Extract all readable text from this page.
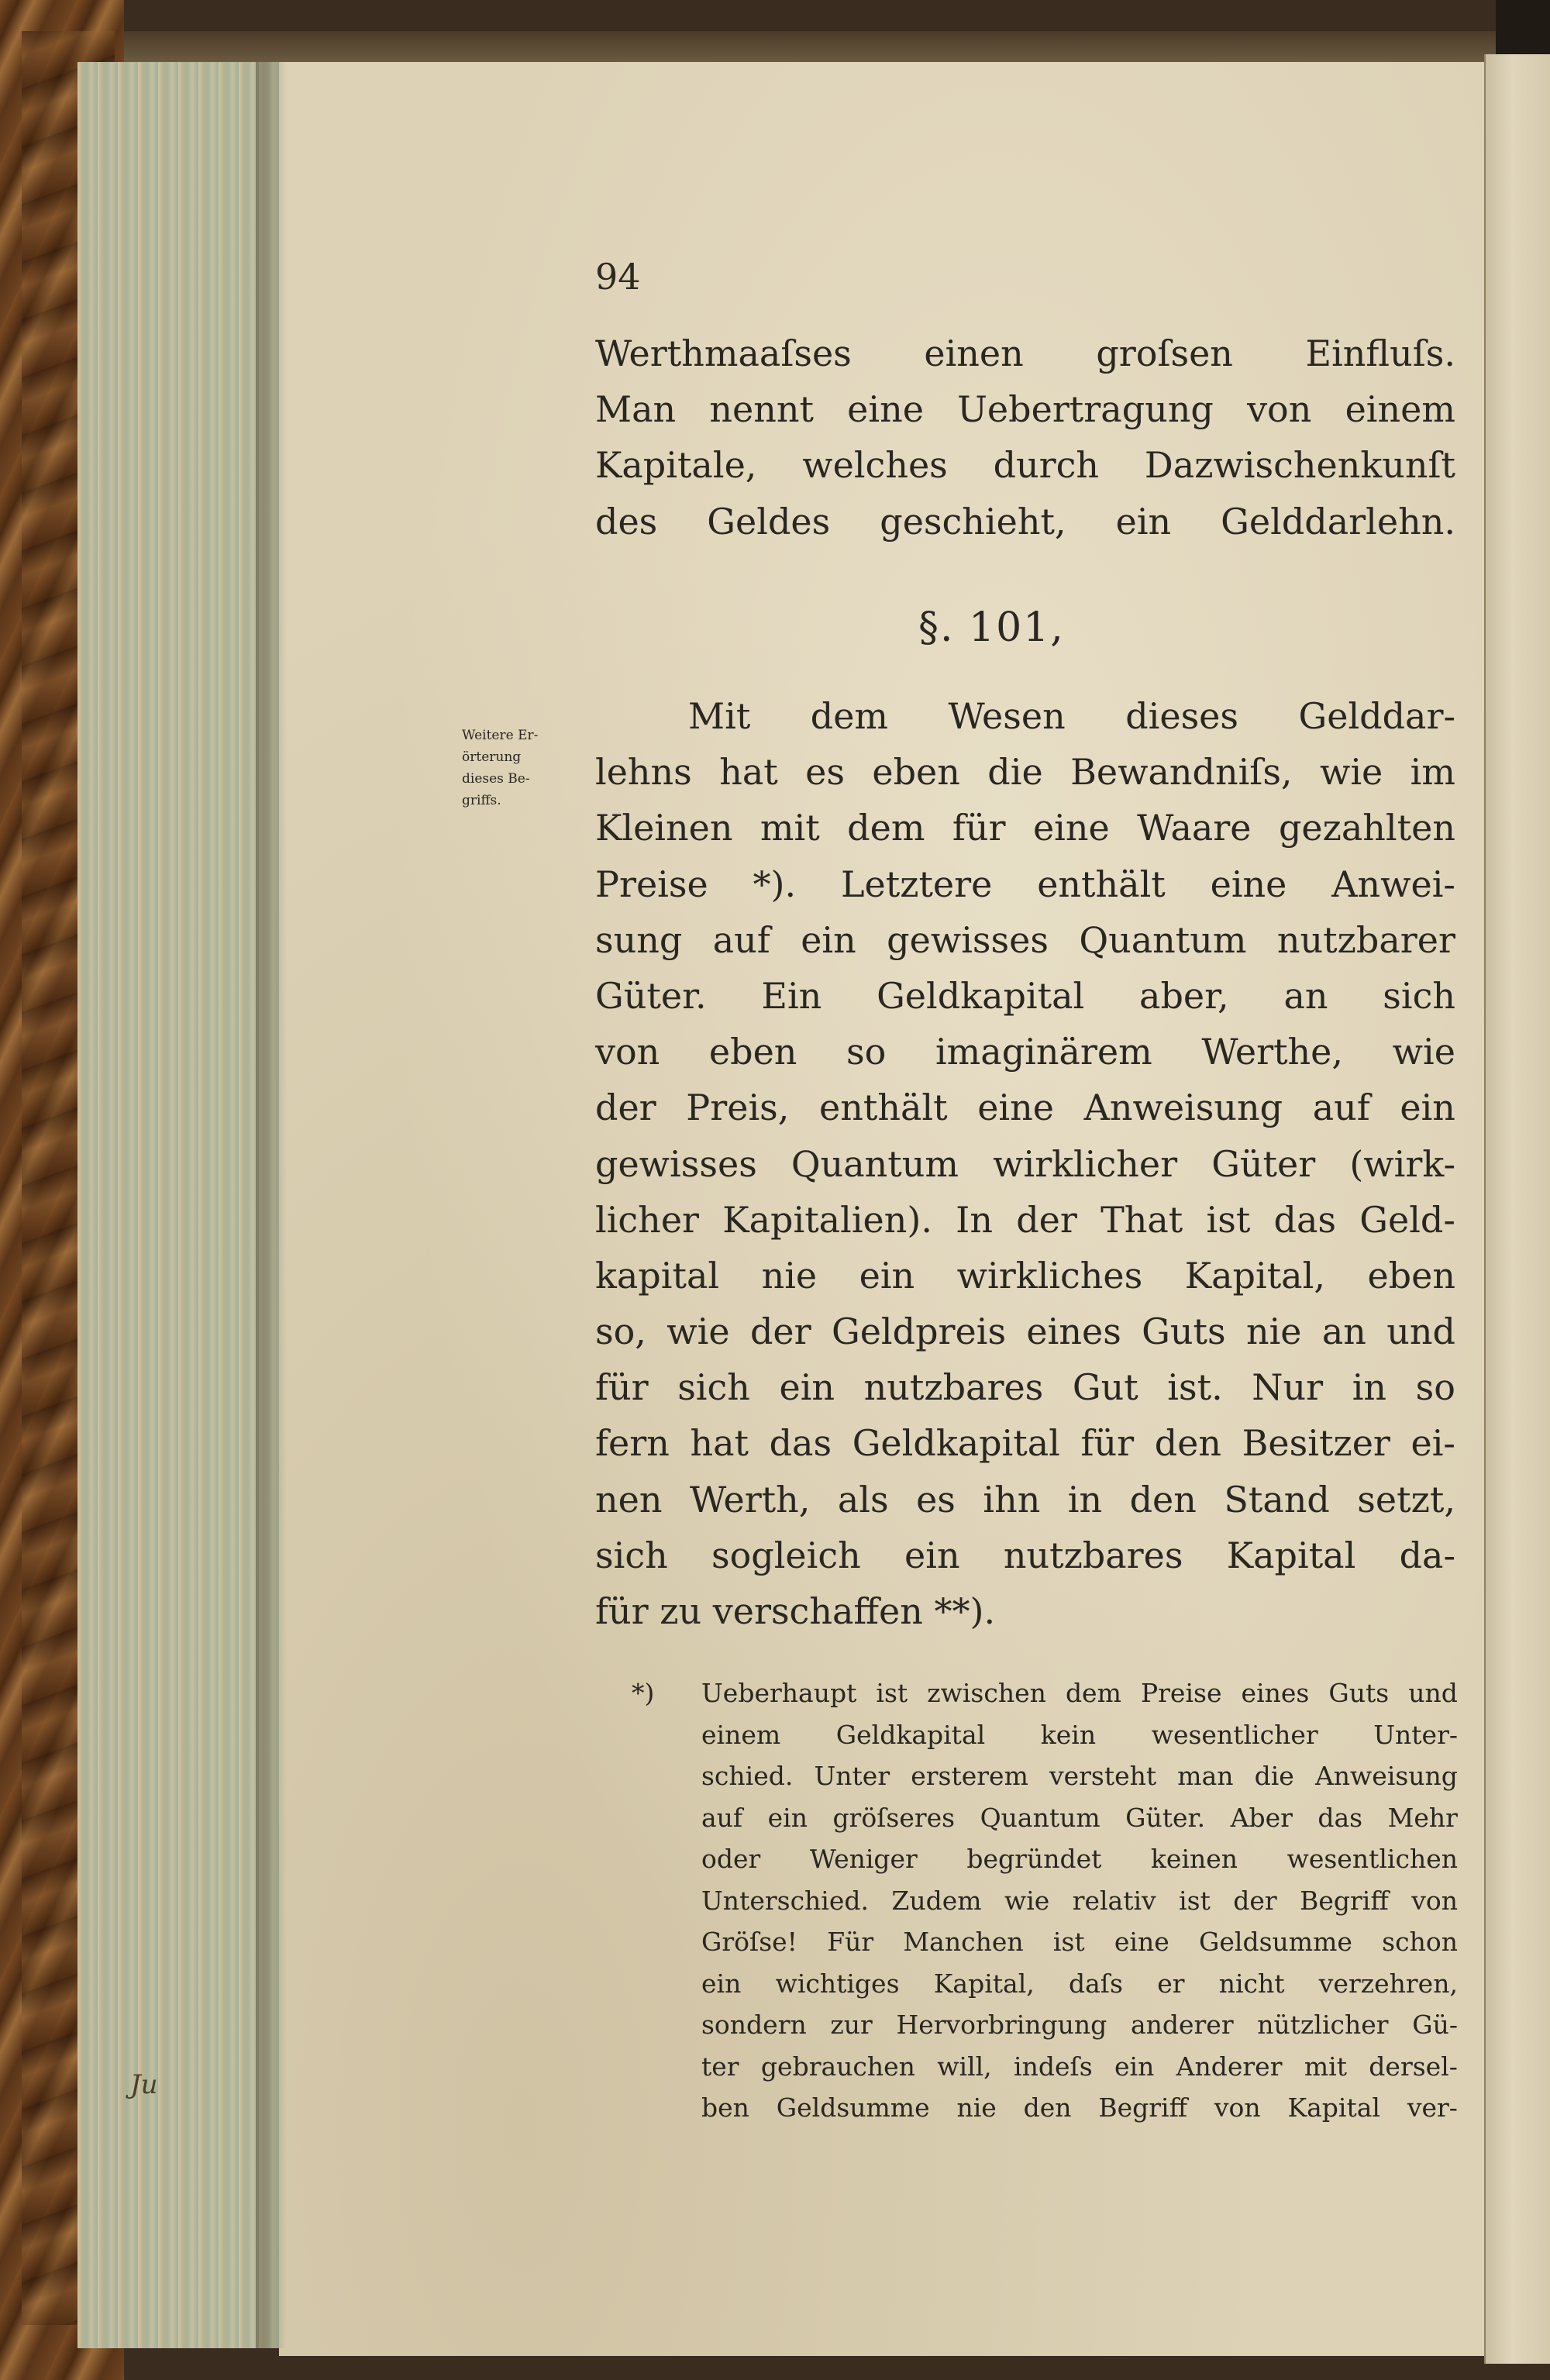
94
Werthmaaſses einen groſsen Einfluſs.
Man nennt eine Uebertragung von einem
Kapitale, welches durch Dazwischenkunſt
des Geldes geschieht, ein Gelddarlehn.
§. 101,
Weitere Er-
örterung
dieses Be-
griffs.
Mit dem Wesen dieses Gelddar-
lehns hat es eben die Bewandniſs, wie im
Kleinen mit dem für eine Waare gezahlten
Preise *). Letztere enthält eine Anwei-
sung auf ein gewisses Quantum nutzbarer
Güter. Ein Geldkapital aber, an sich
von eben so imaginärem Werthe, wie
der Preis, enthält eine Anweisung auf ein
gewisses Quantum wirklicher Güter (wirk-
licher Kapitalien). In der That ist das Geld-
kapital nie ein wirkliches Kapital, eben
so, wie der Geldpreis eines Guts nie an und
für sich ein nutzbares Gut ist. Nur in so
fern hat das Geldkapital für den Besitzer ei-
nen Werth, als es ihn in den Stand setzt,
sich sogleich ein nutzbares Kapital da-
für zu verschaffen **).
*)	Ueberhaupt ist zwischen dem Preise eines Guts und
einem Geldkapital kein wesentlicher Unter-
schied. Unter ersterem versteht man die Anweisung
auf ein gröſseres Quantum Güter. Aber das Mehr
oder Weniger begründet keinen wesentlichen
Unterschied. Zudem wie relativ ist der Begriff von
Gröſse! Für Manchen ist eine Geldsumme schon
ein wichtiges Kapital, daſs er nicht verzehren,
sondern zur Hervorbringung anderer nützlicher Gü-
ter gebrauchen will, indeſs ein Anderer mit dersel-
ben Geldsumme nie den Begriff von Kapital ver-
Ju
